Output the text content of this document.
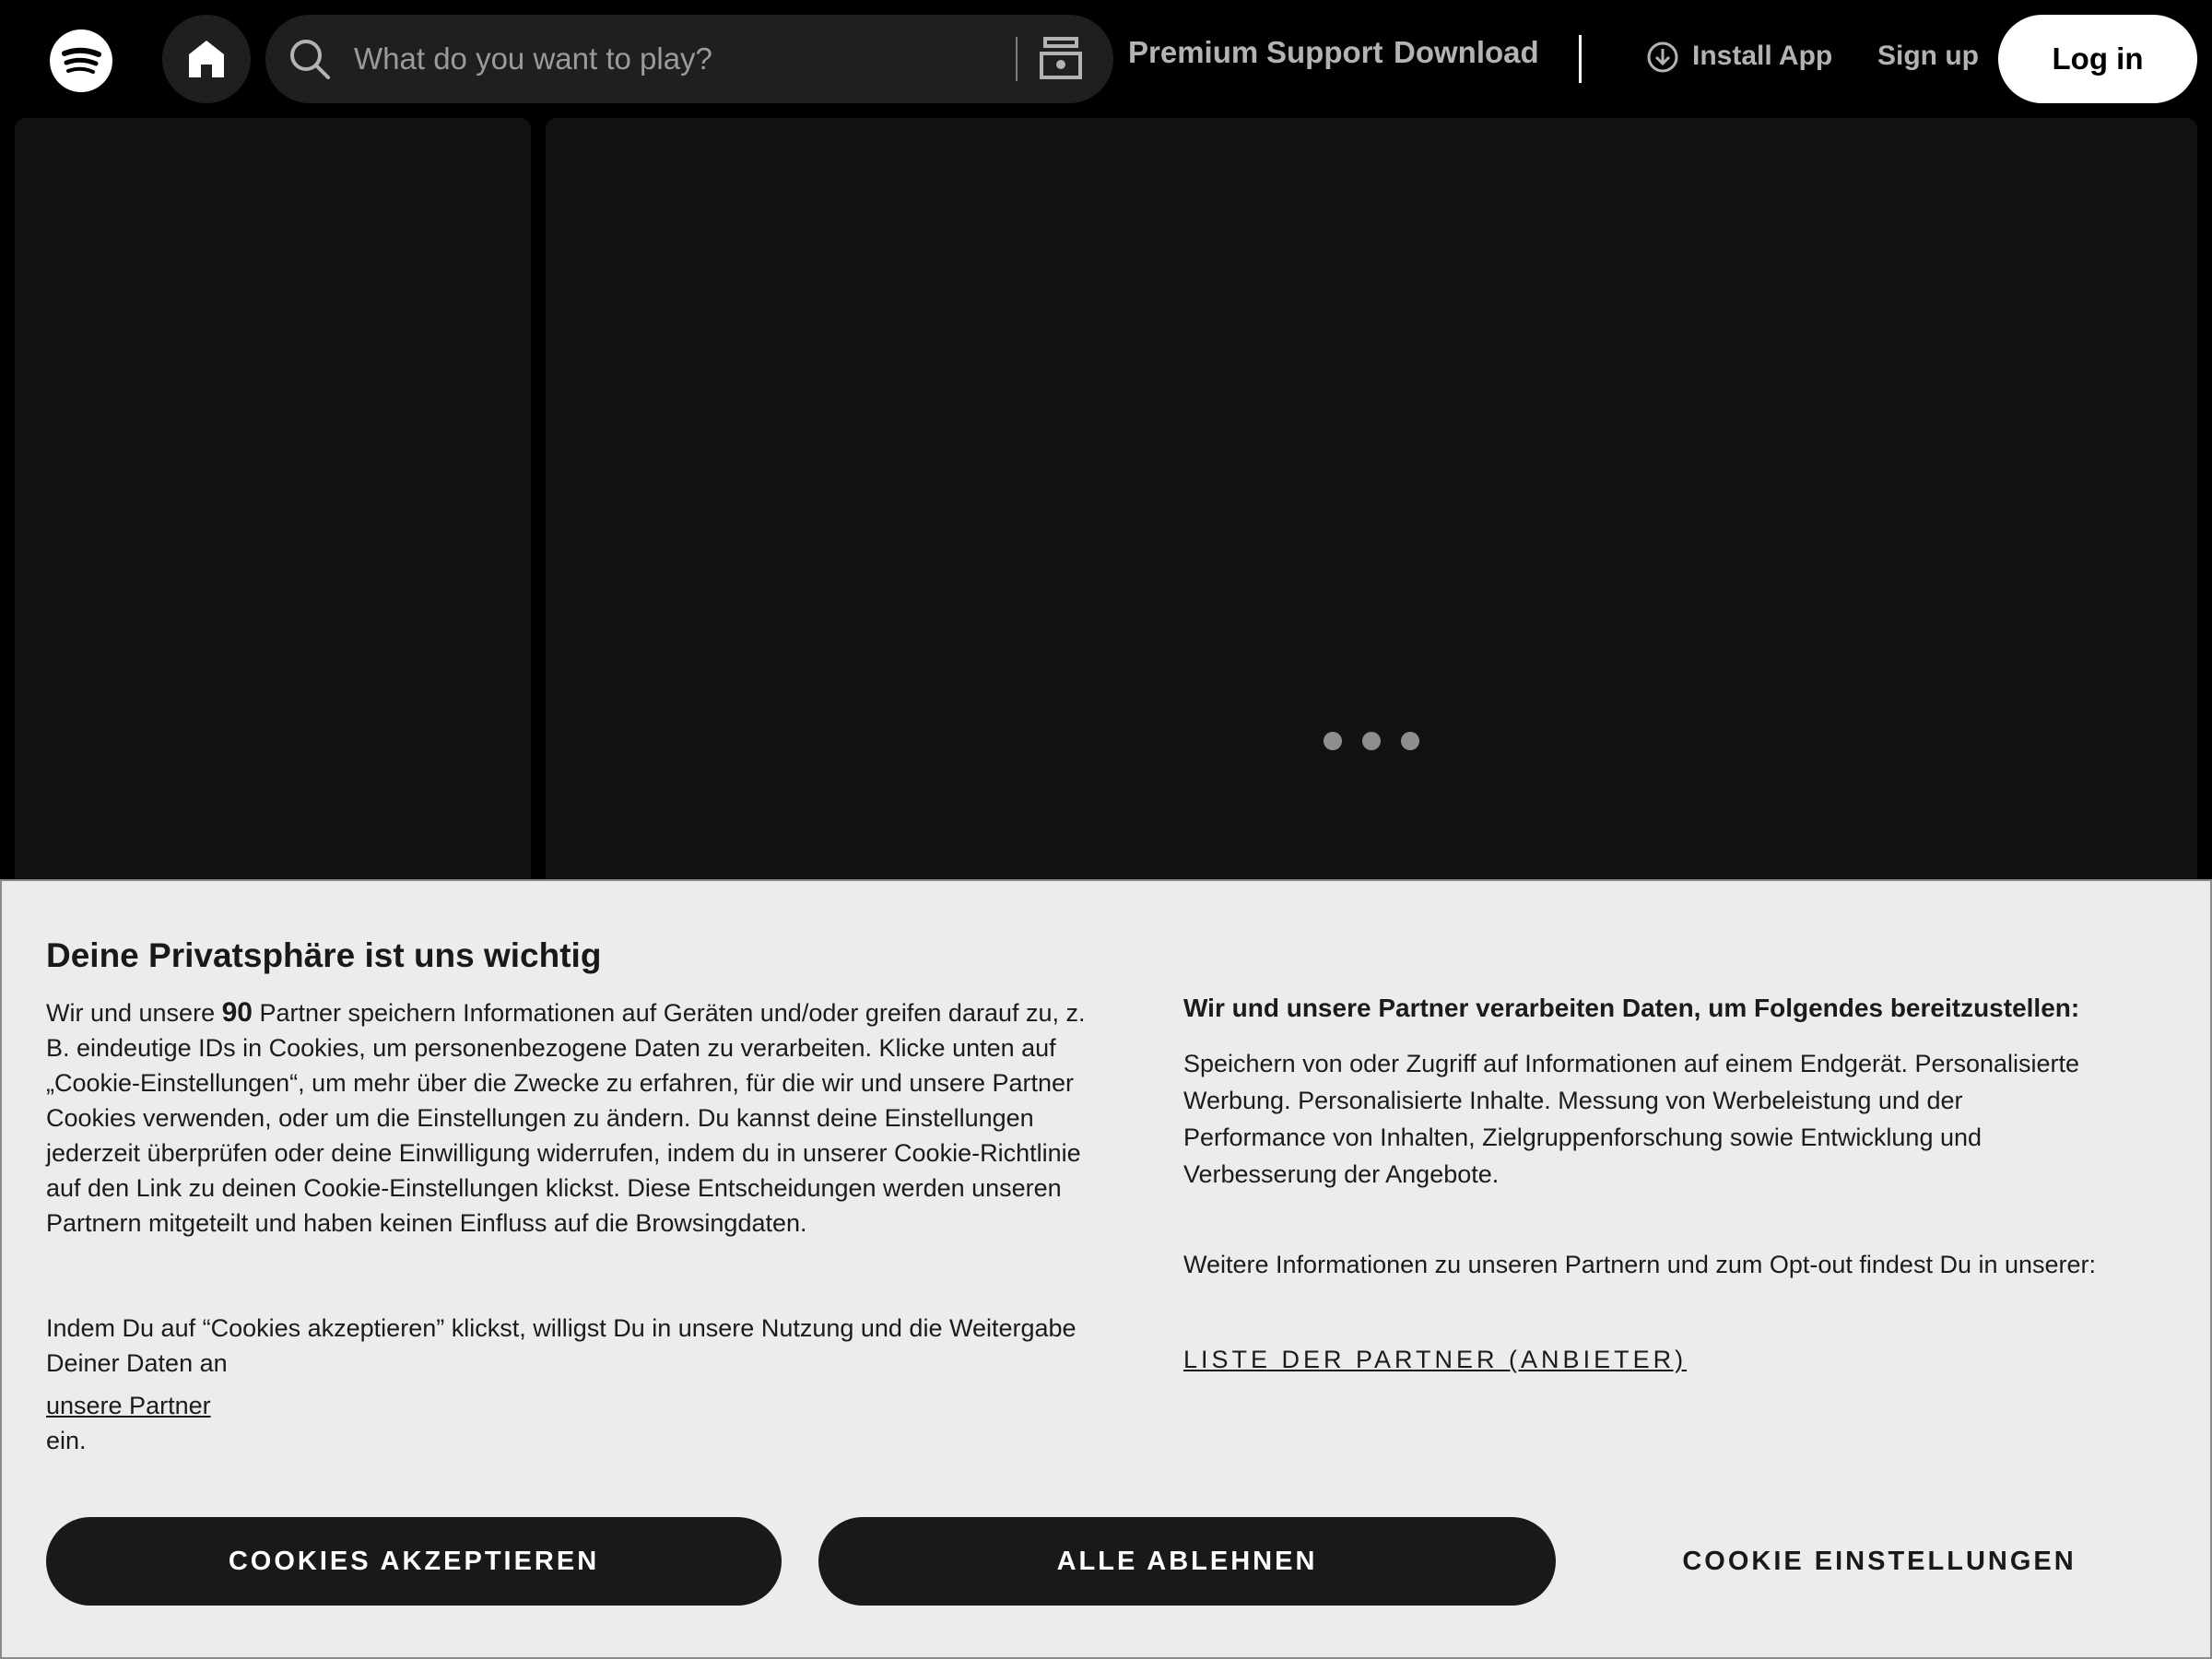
What do you want to play?
Premium Support Download	Install App Sign up	Log in
Deine Privatsphäre ist uns wichtig
Wir und unsere 90 Partner speichern Informationen auf Geräten und/oder greifen darauf zu, z. B. eindeutige IDs in Cookies, um personenbezogene Daten zu verarbeiten. Klicke unten auf „Cookie-Einstellungen“, um mehr über die Zwecke zu erfahren, für die wir und unsere Partner Cookies verwenden, oder um die Einstellungen zu ändern. Du kannst deine Einstellungen jederzeit überprüfen oder deine Einwilligung widerrufen, indem du in unserer Cookie-Richtlinie auf den Link zu deinen Cookie-Einstellungen klickst. Diese Entscheidungen werden unseren Partnern mitgeteilt und haben keinen Einfluss auf die Browsingdaten.
Indem Du auf “Cookies akzeptieren” klickst, willigst Du in unsere Nutzung und die Weitergabe Deiner Daten an
unsere Partner
ein.
Wir und unsere Partner verarbeiten Daten, um Folgendes bereitzustellen:
Speichern von oder Zugriff auf Informationen auf einem Endgerät. Personalisierte Werbung. Personalisierte Inhalte. Messung von Werbeleistung und der Performance von Inhalten, Zielgruppenforschung sowie Entwicklung und Verbesserung der Angebote.
Weitere Informationen zu unseren Partnern und zum Opt-out findest Du in unserer:
LISTE DER PARTNER (ANBIETER)
COOKIES AKZEPTIEREN	ALLE ABLEHNEN	COOKIE EINSTELLUNGEN
